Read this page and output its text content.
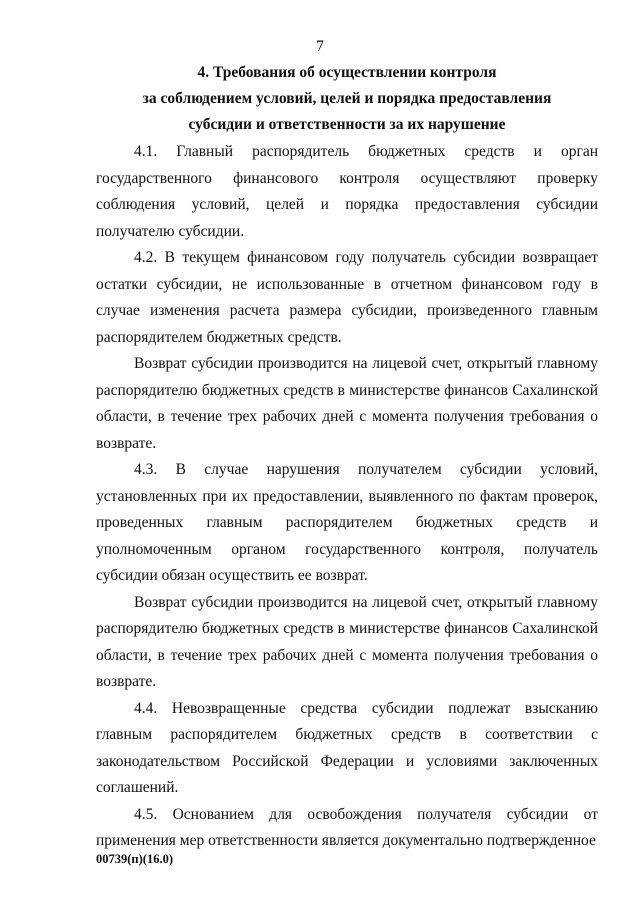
7
4. Требования об осуществлении контроля
за соблюдением условий, целей и порядка предоставления
субсидии и ответственности за их нарушение

4.1. Главный распорядитель бюджетных средств и орган государственного финансового контроля осуществляют проверку соблюдения условий, целей и порядка предоставления субсидии получателю субсидии.

4.2. В текущем финансовом году получатель субсидии возвращает остатки субсидии, не использованные в отчетном финансовом году в случае изменения расчета размера субсидии, произведенного главным распорядителем бюджетных средств.

Возврат субсидии производится на лицевой счет, открытый главному распорядителю бюджетных средств в министерстве финансов Сахалинской области, в течение трех рабочих дней с момента получения требования о возврате.

4.3. В случае нарушения получателем субсидии условий, установленных при их предоставлении, выявленного по фактам проверок, проведенных главным распорядителем бюджетных средств и уполномоченным органом государственного контроля, получатель субсидии обязан осуществить ее возврат.

Возврат субсидии производится на лицевой счет, открытый главному распорядителю бюджетных средств в министерстве финансов Сахалинской области, в течение трех рабочих дней с момента получения требования о возврате.

4.4. Невозвращенные средства субсидии подлежат взысканию главным распорядителем бюджетных средств в соответствии с законодательством Российской Федерации и условиями заключенных соглашений.

4.5. Основанием для освобождения получателя субсидии от применения мер ответственности является документально подтвержденное

00739(п)(16.0)
